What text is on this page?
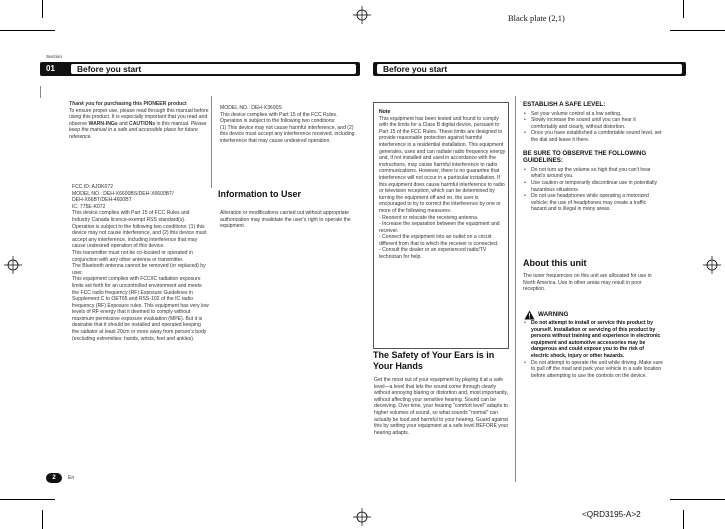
Black plate (2,1)
Section
01	Before you start	Before you start

Thank you for purchasing this PIONEER product

To ensure proper use, please read through this manual before using this product. It is especially important that you read and observe WARN-INGs and CAUTIONs in this manual. Please keep the manual in a safe and accessible place for future reference.

FCC ID: AJDK072

MODEL NO.: DEH-X6600BS/DEH-X6600BT/

DEH-X66BT/DEH-4600BT

IC: 775E-K072

This device complies with Part 15 of FCC Rules and Industry Canada licence-exempt RSS standard(s). Operation is subject to the following two conditions: (1) this device may not cause interference, and (2) this device must accept any interference, including interference that may cause undesired operation of this device.

This transmitter must not be co-located or operated in conjunction with any other antenna or transmitter.

The Bluetooth antenna cannot be removed (or replaced) by user.

This equipment complies with FCC/IC radiation exposure limits set forth for an uncontrolled environment and meets the FCC radio frequency (RF) Exposure Guidelines in Supplement C to OET65 and RSS-102 of the IC radio frequency (RF) Exposure rules. This equipment has very low levels of RF energy that it deemed to comply without maximum permissive exposure evaluation (MPE). But it is desirable that it should be installed and operated keeping the radiator at least 20cm or more away from person's body (excluding extremities: hands, wrists, feet and ankles).

MODEL NO.: DEH-X3600S

This device complies with Part 15 of the FCC Rules. Operation is subject to the following two conditions:

(1) This device may not cause harmful interference, and (2) this device must accept any interference received, including interference that may cause undesired operation.

Information to User
Alteration or modifications carried out without appropriate authorization may invalidate the user's right to operate the equipment.

Note

This equipment has been tested and found to comply with the limits for a Class B digital device, pursuant to Part 15 of the FCC Rules. These limits are designed to provide reasonable protection against harmful interference in a residential installation. This equipment generates, uses and can radiate radio frequency energy and, if not installed and used in accordance with the instructions, may cause harmful interference to radio communications. However, there is no guarantee that interference will not occur in a particular installation. If this equipment does cause harmful interference to radio or television reception, which can be determined by turning the equipment off and on, the user is encouraged to try to correct the interference by one or more of the following measures:

- Reorient or relocate the receiving antenna.

- Increase the separation between the equipment and receiver.

- Connect the equipment into an outlet on a circuit different from that to which the receiver is connected.

- Consult the dealer or an experienced radio/TV technician for help.

The Safety of Your Ears is in Your Hands
Get the most out of your equipment by playing it at a safe level—a level that lets the sound come through clearly without annoying blaring or distortion and, most importantly, without affecting your sensitive hearing. Sound can be deceiving. Over time, your hearing "comfort level" adapts to higher volumes of sound, so what sounds "normal" can actually be loud and harmful to your hearing. Guard against this by setting your equipment at a safe level BEFORE your hearing adapts.

ESTABLISH A SAFE LEVEL:

• Set your volume control at a low setting.
• Slowly increase the sound until you can hear it comfortably and clearly, without distortion.
• Once you have established a comfortable sound level, set the dial and leave it there.

BE SURE TO OBSERVE THE FOLLOWING GUIDELINES:

• Do not turn up the volume so high that you can't hear what's around you.
• Use caution or temporarily discontinue use in potentially hazardous situations.
• Do not use headphones while operating a motorized vehicle; the use of headphones may create a traffic hazard and is illegal in many areas.
About this unit
The tuner frequencies on this unit are allocated for use in North America. Use in other areas may result in poor reception.
WARNING
• Do not attempt to install or service this product by yourself. Installation or servicing of this product by persons without training and experience in electronic equipment and automotive accessories may be dangerous and could expose you to the risk of electric shock, injury or other hazards.
• Do not attempt to operate the unit while driving. Make sure to pull off the road and park your vehicle in a safe location before attempting to use the controls on the device.
2	En
<QRD3195-A>2
